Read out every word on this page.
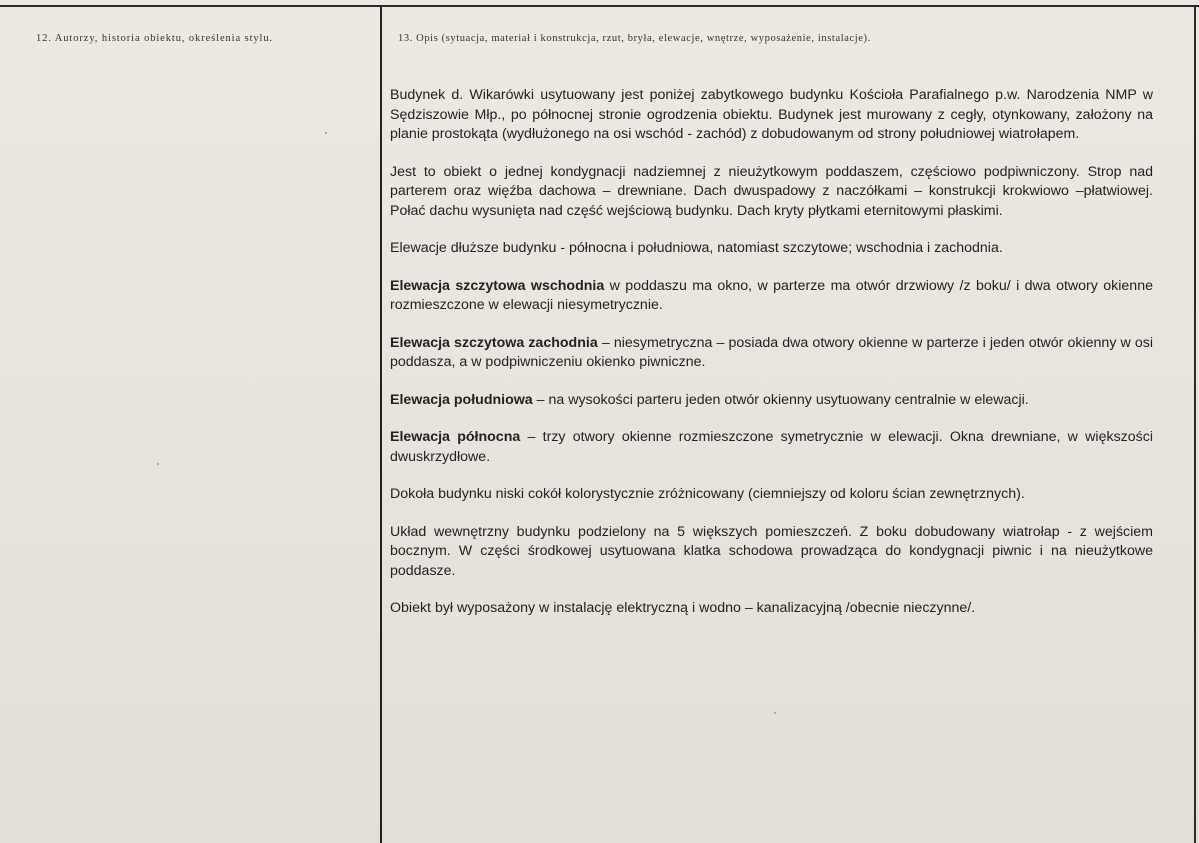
12. Autorzy, historia obiektu, określenia stylu.	13. Opis (sytuacja, materiał i konstrukcja, rzut, bryła, elewacje, wnętrze, wyposażenie, instalacje).

Budynek d. Wikarówki usytuowany jest poniżej zabytkowego budynku Kościoła Parafialnego p.w. Narodzenia NMP w Sędziszowie Młp., po północnej stronie ogrodzenia obiektu. Budynek jest murowany z cegły, otynkowany, założony na planie prostokąta (wydłużonego na osi wschód - zachód) z dobudowanym od strony południowej wiatrołapem.

Jest to obiekt o jednej kondygnacji nadziemnej z nieużytkowym poddaszem, częściowo podpiwniczony. Strop nad parterem oraz więźba dachowa – drewniane. Dach dwuspadowy z naczółkami – konstrukcji krokwiowo –płatwiowej. Połać dachu wysunięta nad część wejściową budynku. Dach kryty płytkami eternitowymi płaskimi.

Elewacje dłuższe budynku - północna i południowa, natomiast szczytowe; wschodnia i zachodnia.

Elewacja szczytowa wschodnia w poddaszu ma okno, w parterze ma otwór drzwiowy /z boku/ i dwa otwory okienne rozmieszczone w elewacji niesymetrycznie.

Elewacja szczytowa zachodnia – niesymetryczna – posiada dwa otwory okienne w parterze i jeden otwór okienny w osi poddasza, a w podpiwniczeniu okienko piwniczne.

Elewacja południowa – na wysokości parteru jeden otwór okienny usytuowany centralnie w elewacji.

Elewacja północna – trzy otwory okienne rozmieszczone symetrycznie w elewacji. Okna drewniane, w większości dwuskrzydłowe.

Dokoła budynku niski cokół kolorystycznie zróżnicowany (ciemniejszy od koloru ścian zewnętrznych).

Układ wewnętrzny budynku podzielony na 5 większych pomieszczeń. Z boku dobudowany wiatrołap - z wejściem bocznym. W części środkowej usytuowana klatka schodowa prowadząca do kondygnacji piwnic i na nieużytkowe poddasze.

Obiekt był wyposażony w instalację elektryczną i wodno – kanalizacyjną /obecnie nieczynne/.
